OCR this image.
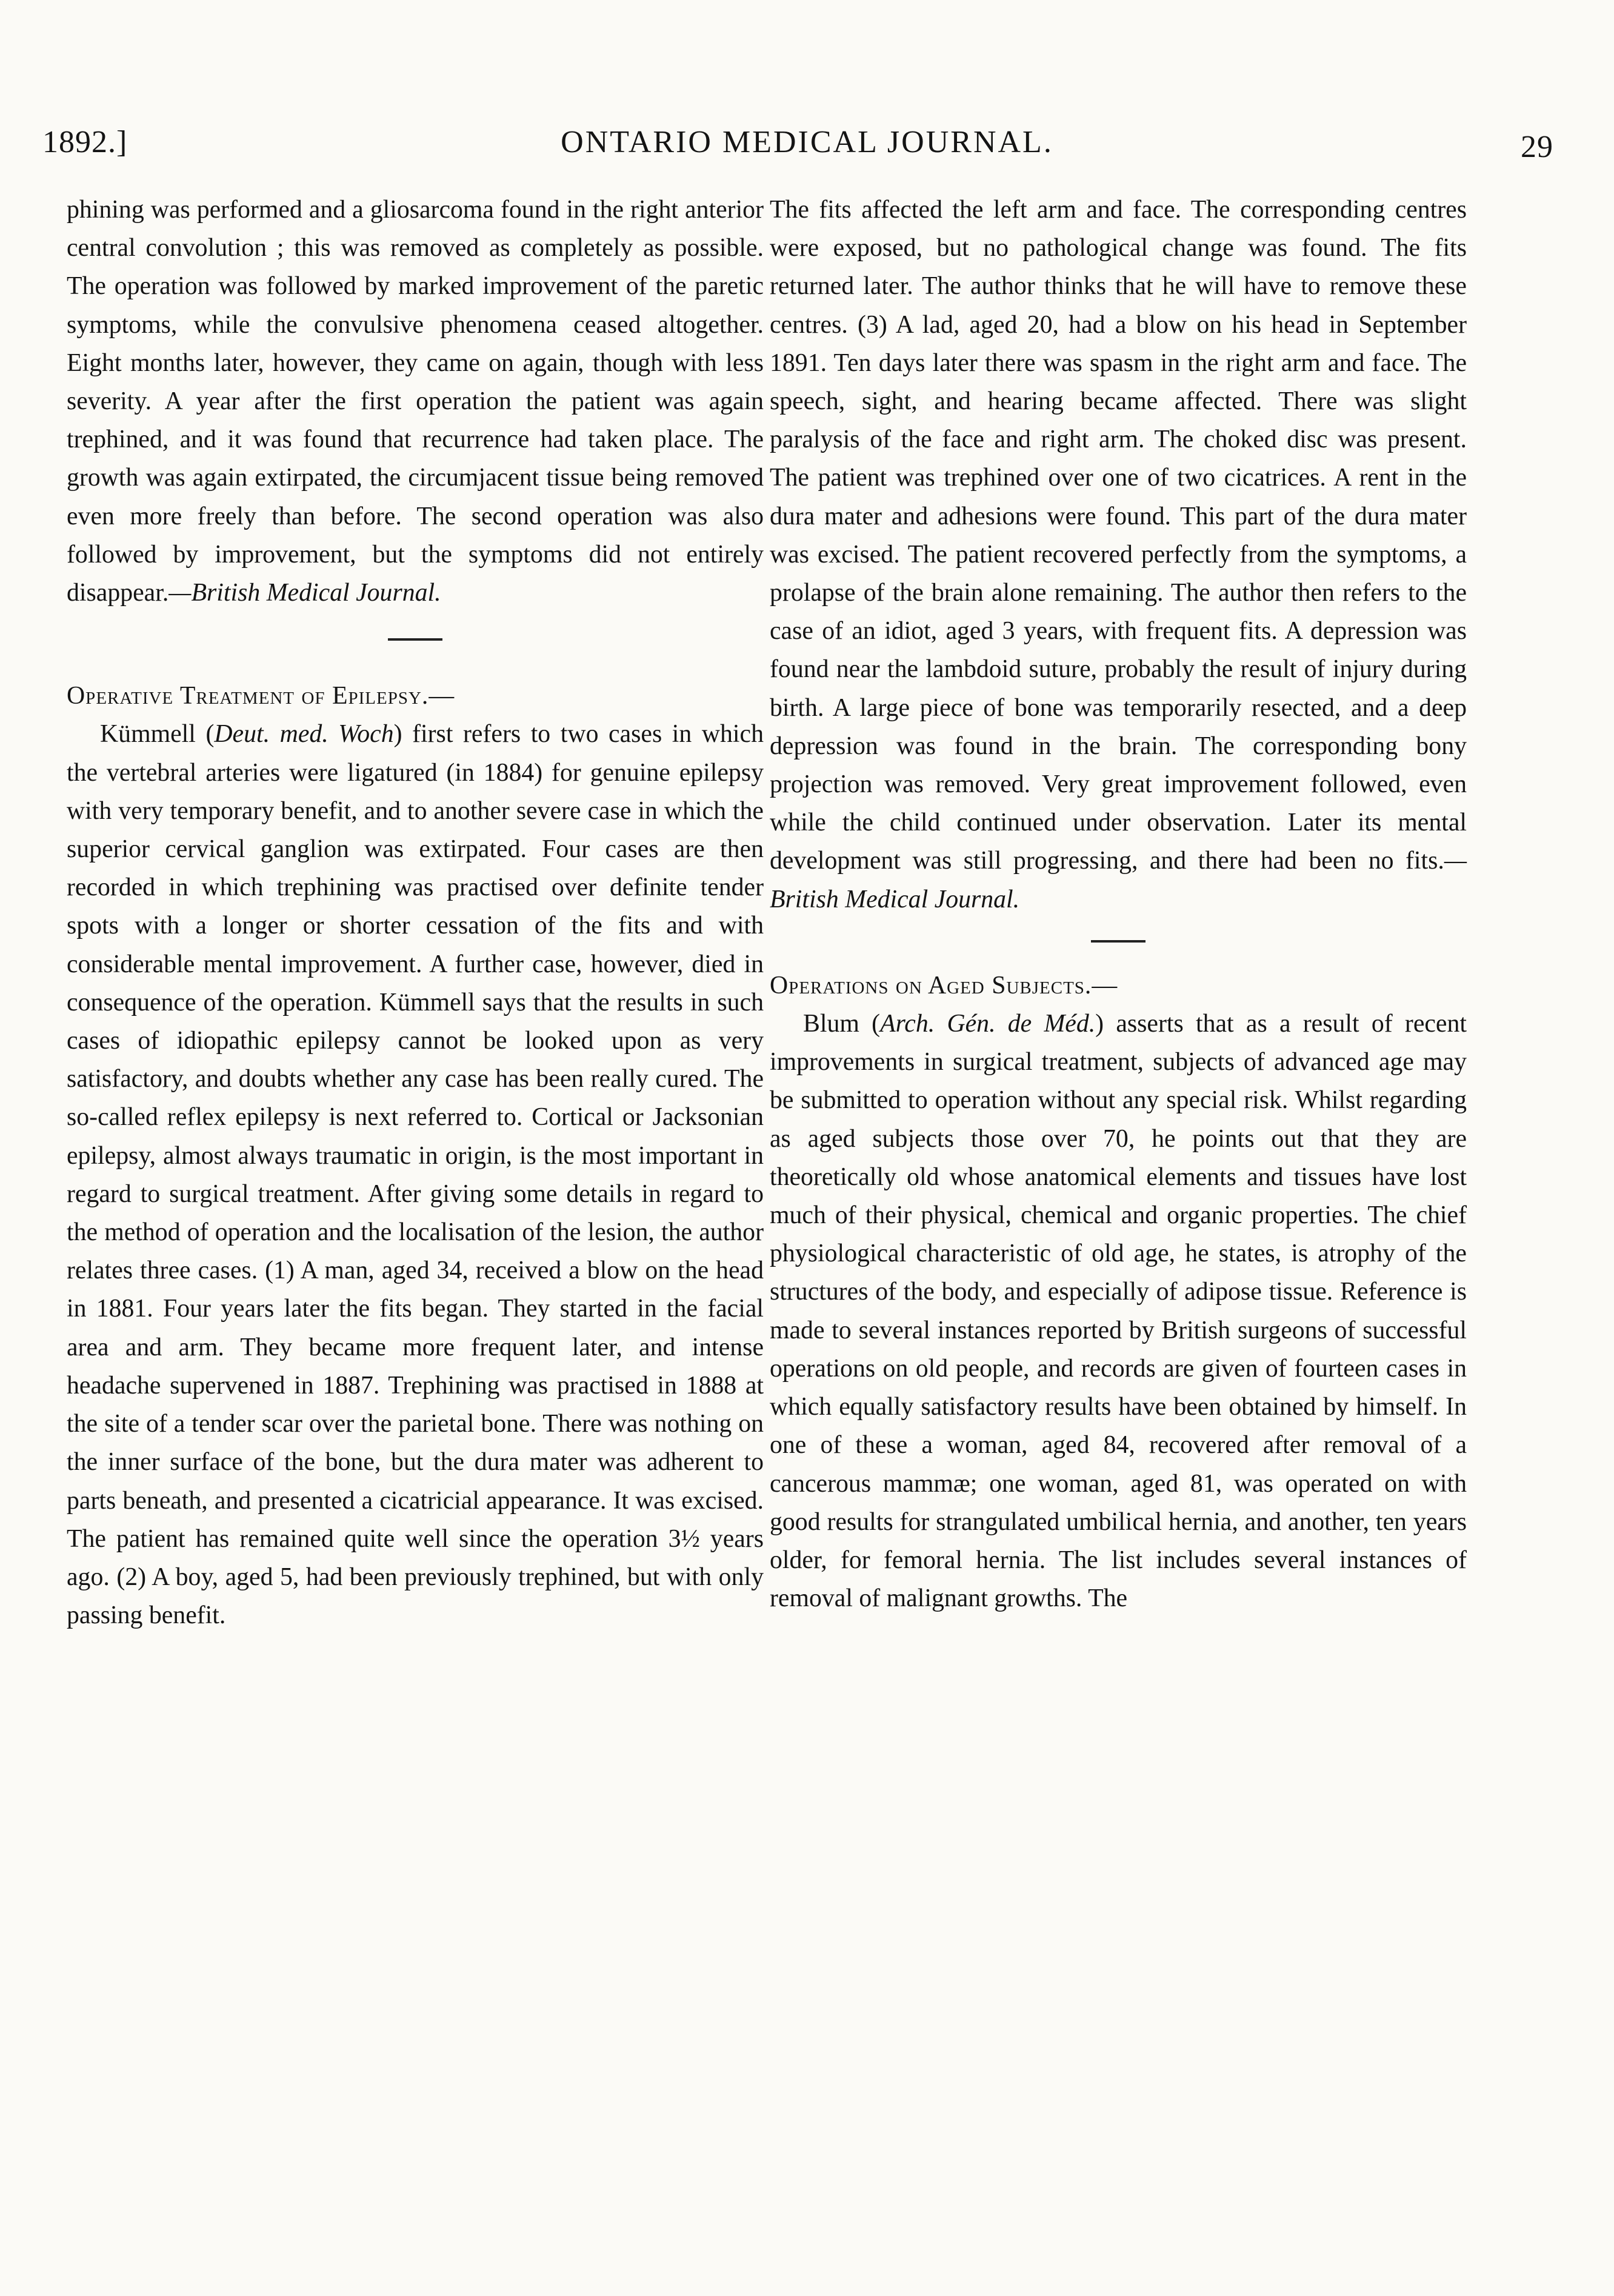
1892.]	ONTARIO MEDICAL JOURNAL.	29

phining was performed and a gliosarcoma found in the right anterior central convolution ; this was removed as completely as possible. The operation was followed by marked improvement of the paretic symptoms, while the convulsive phenomena ceased altogether. Eight months later, however, they came on again, though with less severity. A year after the first operation the patient was again trephined, and it was found that recurrence had taken place. The growth was again extirpated, the circumjacent tissue being removed even more freely than before. The second operation was also followed by improvement, but the symptoms did not entirely disappear.—British Medical Journal.

Operative Treatment of Epilepsy.—

Kümmell (Deut. med. Woch) first refers to two cases in which the vertebral arteries were ligatured (in 1884) for genuine epilepsy with very temporary benefit, and to another severe case in which the superior cervical ganglion was extirpated. Four cases are then recorded in which trephining was practised over definite tender spots with a longer or shorter cessation of the fits and with considerable mental improvement. A further case, however, died in consequence of the operation. Kümmell says that the results in such cases of idiopathic epilepsy cannot be looked upon as very satisfactory, and doubts whether any case has been really cured. The so-called reflex epilepsy is next referred to. Cortical or Jacksonian epilepsy, almost always traumatic in origin, is the most important in regard to surgical treatment. After giving some details in regard to the method of operation and the localisation of the lesion, the author relates three cases. (1) A man, aged 34, received a blow on the head in 1881. Four years later the fits began. They started in the facial area and arm. They became more frequent later, and intense headache supervened in 1887. Trephining was practised in 1888 at the site of a tender scar over the parietal bone. There was nothing on the inner surface of the bone, but the dura mater was adherent to parts beneath, and presented a cicatricial appearance. It was excised. The patient has remained quite well since the operation 3½ years ago. (2) A boy, aged 5, had been previously trephined, but with only passing benefit.

The fits affected the left arm and face. The corresponding centres were exposed, but no pathological change was found. The fits returned later. The author thinks that he will have to remove these centres. (3) A lad, aged 20, had a blow on his head in September 1891. Ten days later there was spasm in the right arm and face. The speech, sight, and hearing became affected. There was slight paralysis of the face and right arm. The choked disc was present. The patient was trephined over one of two cicatrices. A rent in the dura mater and adhesions were found. This part of the dura mater was excised. The patient recovered perfectly from the symptoms, a prolapse of the brain alone remaining. The author then refers to the case of an idiot, aged 3 years, with frequent fits. A depression was found near the lambdoid suture, probably the result of injury during birth. A large piece of bone was temporarily resected, and a deep depression was found in the brain. The corresponding bony projection was removed. Very great improvement followed, even while the child continued under observation. Later its mental development was still progressing, and there had been no fits.—British Medical Journal.

Operations on Aged Subjects.—

Blum (Arch. Gén. de Méd.) asserts that as a result of recent improvements in surgical treatment, subjects of advanced age may be submitted to operation without any special risk. Whilst regarding as aged subjects those over 70, he points out that they are theoretically old whose anatomical elements and tissues have lost much of their physical, chemical and organic properties. The chief physiological characteristic of old age, he states, is atrophy of the structures of the body, and especially of adipose tissue. Reference is made to several instances reported by British surgeons of successful operations on old people, and records are given of fourteen cases in which equally satisfactory results have been obtained by himself. In one of these a woman, aged 84, recovered after removal of a cancerous mammæ; one woman, aged 81, was operated on with good results for strangulated umbilical hernia, and another, ten years older, for femoral hernia. The list includes several instances of removal of malignant growths. The
